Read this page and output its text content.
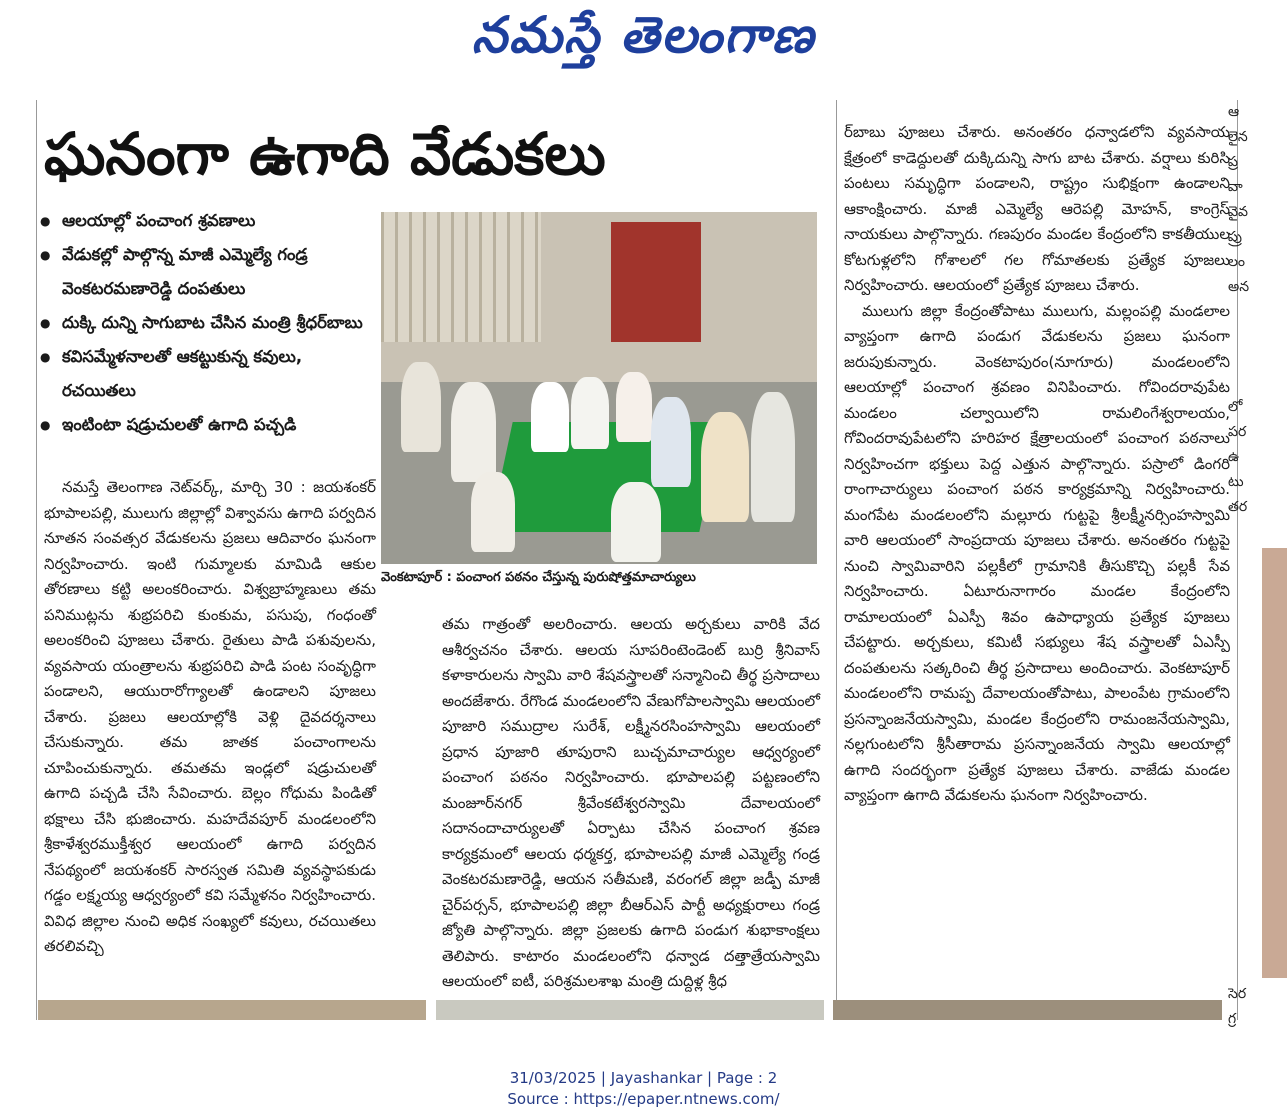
నమస్తే తెలంగాణ
ఘనంగా ఉగాది వేడుకలు
● ఆలయాల్లో పంచాంగ శ్రవణాలు
● వేడుకల్లో పాల్గొన్న మాజీ ఎమ్మెల్యే గండ్ర వెంకటరమణారెడ్డి దంపతులు
● దుక్కి దున్ని సాగుబాట చేసిన మంత్రి శ్రీధర్‌బాబు
● కవిసమ్మేళనాలతో ఆకట్టుకున్న కవులు, రచయితలు
● ఇంటింటా షడ్రుచులతో ఉగాది పచ్చడి
వెంకటాపూర్ : పంచాంగ పఠనం చేస్తున్న పురుషోత్తమాచార్యులు

నమస్తే తెలంగాణ నెట్‌వర్క్, మార్చి 30 : జయశంకర్ భూపాలపల్లి, ములుగు జిల్లాల్లో విశ్వావసు ఉగాది పర్వదిన నూతన సంవత్సర వేడుకలను ప్రజలు ఆదివారం ఘనంగా నిర్వహించారు. ఇంటి గుమ్మాలకు మామిడి ఆకుల తోరణాలు కట్టి అలంకరించారు. విశ్వబ్రాహ్మణులు తమ పనిముట్లను శుభ్రపరిచి కుంకుమ, పసుపు, గంధంతో అలంకరించి పూజలు చేశారు. రైతులు పాడి పశువులను, వ్యవసాయ యంత్రాలను శుభ్రపరిచి పాడి పంట సంవృద్ధిగా పండాలని, ఆయురారోగ్యాలతో ఉండాలని పూజలు చేశారు. ప్రజలు ఆలయాల్లోకి వెళ్లి దైవదర్శనాలు చేసుకున్నారు. తమ జాతక పంచాంగాలను చూపించుకున్నారు. తమతమ ఇండ్లలో షడ్రుచులతో ఉగాది పచ్చడి చేసి సేవించారు. బెల్లం గోధుమ పిండితో భక్షాలు చేసి భుజించారు. మహదేవపూర్ మండలంలోని శ్రీకాళేశ్వరముక్తీశ్వర ఆలయంలో ఉగాది పర్వదిన నేపథ్యంలో జయశంకర్ సారస్వత సమితి వ్యవస్థాపకుడు గడ్డం లక్ష్మయ్య ఆధ్వర్యంలో కవి సమ్మేళనం నిర్వహించారు. వివిధ జిల్లాల నుంచి అధిక సంఖ్యలో కవులు, రచయితలు తరలివచ్చి

తమ గాత్రంతో అలరించారు. ఆలయ అర్చకులు వారికి వేద ఆశీర్వచనం చేశారు. ఆలయ సూపరింటెండెంట్ బుర్రి శ్రీనివాస్ కళాకారులను స్వామి వారి శేషవస్త్రాలతో సన్మానించి తీర్థ ప్రసాదాలు అందజేశారు. రేగొండ మండలంలోని వేణుగోపాలస్వామి ఆలయంలో పూజారి సముద్రాల సురేశ్, లక్ష్మీనరసింహస్వామి ఆలయంలో ప్రధాన పూజారి తూపురాని బుచ్చమాచార్యుల ఆధ్వర్యంలో పంచాంగ పఠనం నిర్వహించారు. భూపాలపల్లి పట్టణంలోని మంజూర్‌నగర్ శ్రీవేంకటేశ్వరస్వామి దేవాలయంలో సదానందాచార్యులతో ఏర్పాటు చేసిన పంచాంగ శ్రవణ కార్యక్రమంలో ఆలయ ధర్మకర్త, భూపాలపల్లి మాజీ ఎమ్మెల్యే గండ్ర వెంకటరమణారెడ్డి, ఆయన సతీమణి, వరంగల్ జిల్లా జడ్పీ మాజీ చైర్‌పర్సన్, భూపాలపల్లి జిల్లా బీఆర్‌ఎస్ పార్టీ అధ్యక్షురాలు గండ్ర జ్యోతి పాల్గొన్నారు. జిల్లా ప్రజలకు ఉగాది పండుగ శుభాకాంక్షలు తెలిపారు. కాటారం మండలంలోని ధన్వాడ దత్తాత్రేయస్వామి ఆలయంలో ఐటీ, పరిశ్రమలశాఖ మంత్రి దుద్దిళ్ల శ్రీధ

ర్‌బాబు పూజలు చేశారు. అనంతరం ధన్వాడలోని వ్యవసాయ క్షేత్రంలో కాడెద్దులతో దుక్కిదున్ని సాగు బాట చేశారు. వర్షాలు కురిసి పంటలు సమృద్ధిగా పండాలని, రాష్ట్రం సుభిక్షంగా ఉండాలని ఆకాంక్షించారు. మాజీ ఎమ్మెల్యే ఆరెపల్లి మోహన్, కాంగ్రెస్ నాయకులు పాల్గొన్నారు. గణపురం మండల కేంద్రంలోని కాకతీయుల కోటగుళ్లలోని గోశాలలో గల గోమాతలకు ప్రత్యేక పూజలు నిర్వహించారు. ఆలయంలో ప్రత్యేక పూజలు చేశారు.

ములుగు జిల్లా కేంద్రంతోపాటు ములుగు, మల్లంపల్లి మండలాల వ్యాప్తంగా ఉగాది పండుగ వేడుకలను ప్రజలు ఘనంగా జరుపుకున్నారు. వెంకటాపురం(నూగూరు) మండలంలోని ఆలయాల్లో పంచాంగ శ్రవణం వినిపించారు. గోవిందరావుపేట మండలం చల్వాయిలోని రామలింగేశ్వరాలయం, గోవిందరావుపేటలోని హరిహర క్షేత్రాలయంలో పంచాంగ పఠనాలు నిర్వహించగా భక్తులు పెద్ద ఎత్తున పాల్గొన్నారు. పస్రాలో డింగరి రాంగాచార్యులు పంచాంగ పఠన కార్యక్రమాన్ని నిర్వహించారు. మంగపేట మండలంలోని మల్లూరు గుట్టపై శ్రీలక్ష్మీనర్సింహస్వామి వారి ఆలయంలో సాంప్రదాయ పూజలు చేశారు. అనంతరం గుట్టపై నుంచి స్వామివారిని పల్లకీలో గ్రామానికి తీసుకొచ్చి పల్లకీ సేవ నిర్వహించారు. ఏటూరునాగారం మండల కేంద్రంలోని రామాలయంలో ఏఎస్పీ శివం ఉపాధ్యాయ ప్రత్యేక పూజలు చేపట్టారు. అర్చకులు, కమిటీ సభ్యులు శేష వస్త్రాలతో ఏఎస్పీ దంపతులను సత్కరించి తీర్థ ప్రసాదాలు అందించారు. వెంకటాపూర్ మండలంలోని రామప్ప దేవాలయంతోపాటు, పాలంపేట గ్రామంలోని ప్రసన్నాంజనేయస్వామి, మండల కేంద్రంలోని రామంజనేయస్వామి, నల్లగుంటలోని శ్రీసీతారామ ప్రసన్నాంజనేయ స్వామి ఆలయాల్లో ఉగాది సందర్భంగా ప్రత్యేక పూజలు చేశారు. వాజేడు మండల వ్యాప్తంగా ఉగాది వేడుకలను ఘనంగా నిర్వహించారు.

ఆ
లైన
ప్ర
వా
వైవ
ప్రు
లం
అన
లో
పర
ఉ
టు
తర
సెర
గ్ర
31/03/2025 | Jayashankar | Page : 2
Source : https://epaper.ntnews.com/
